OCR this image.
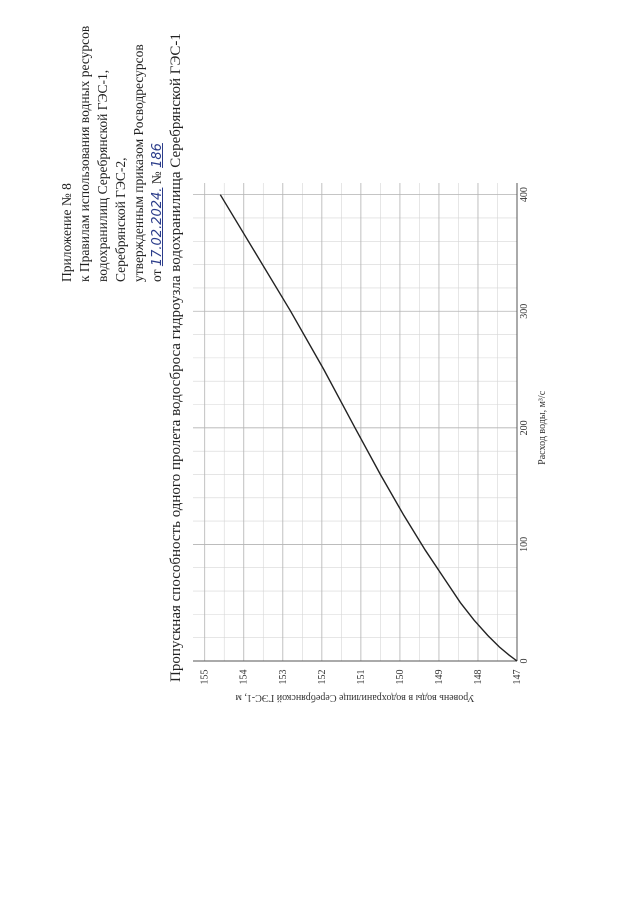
Приложение № 8 к Правилам использования водных ресурсов водохранилищ Серебрянской ГЭС-1, Серебрянской ГЭС-2, утвержденным приказом Росводресурсов от 17.02.2024. № 186 Пропускная способность одного пролета водосброса гидроузла водохранилища Серебрянской ГЭС-1	0
100
200
300
400
147
148
149
150
151
152
153
154
155
Расход воды, м³/с
Уровень воды в водохранилище Серебрянской ГЭС-1, м
